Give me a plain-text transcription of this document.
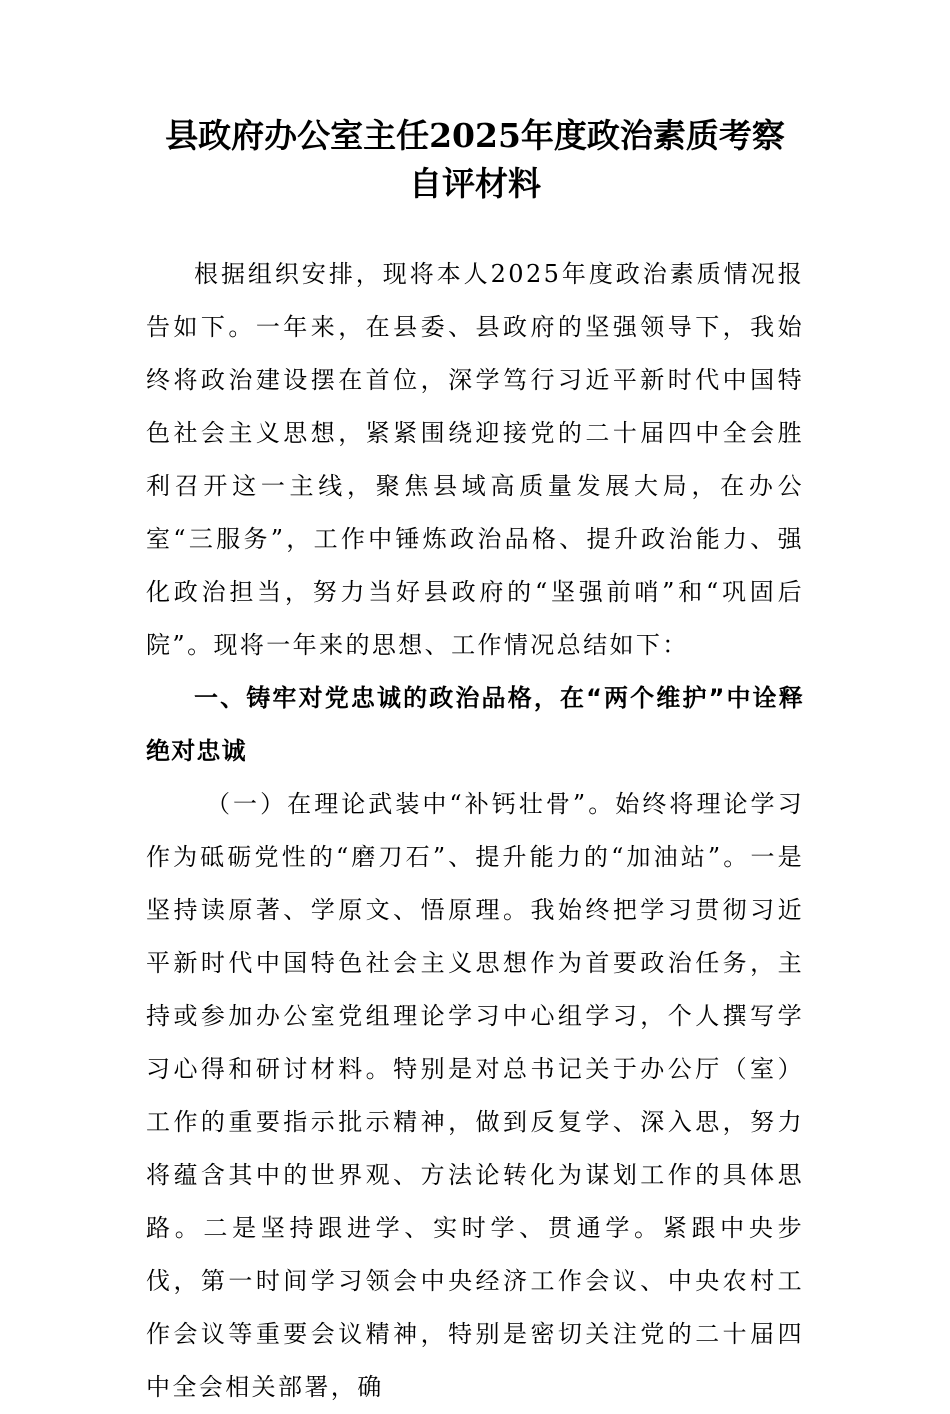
县政府办公室主任2025年度政治素质考察
自评材料

根据组织安排，现将本人2025年度政治素质情况报告如下。一年来，在县委、县政府的坚强领导下，我始终将政治建设摆在首位，深学笃行习近平新时代中国特色社会主义思想，紧紧围绕迎接党的二十届四中全会胜利召开这一主线，聚焦县域高质量发展大局，在办公室“三服务”，工作中锤炼政治品格、提升政治能力、强化政治担当，努力当好县政府的“坚强前哨”和“巩固后院”。现将一年来的思想、工作情况总结如下：

一、铸牢对党忠诚的政治品格，在“两个维护”中诠释绝对忠诚

（一）在理论武装中“补钙壮骨”。始终将理论学习作为砥砺党性的“磨刀石”、提升能力的“加油站”。一是坚持读原著、学原文、悟原理。我始终把学习贯彻习近平新时代中国特色社会主义思想作为首要政治任务，主持或参加办公室党组理论学习中心组学习，个人撰写学习心得和研讨材料。特别是对总书记关于办公厅（室）工作的重要指示批示精神，做到反复学、深入思，努力将蕴含其中的世界观、方法论转化为谋划工作的具体思路。二是坚持跟进学、实时学、贯通学。紧跟中央步伐，第一时间学习领会中央经济工作会议、中央农村工作会议等重要会议精神，特别是密切关注党的二十届四中全会相关部署，确
